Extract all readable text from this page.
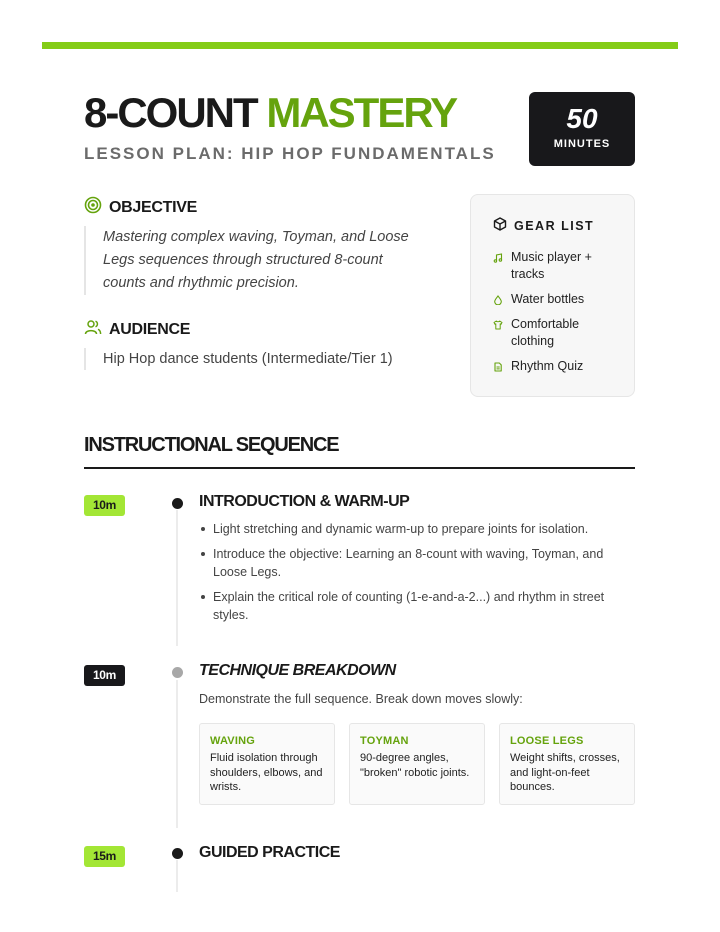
8-COUNT MASTERY
LESSON PLAN: HIP HOP FUNDAMENTALS
50
MINUTES
OBJECTIVE

Mastering complex waving, Toyman, and Loose Legs sequences through structured 8-count counts and rhythmic precision.

AUDIENCE

Hip Hop dance students (Intermediate/Tier 1)

GEAR LIST
Music player + tracks
Water bottles
Comfortable clothing
Rhythm Quiz
INSTRUCTIONAL SEQUENCE
10m	INTRODUCTION & WARM-UP
Light stretching and dynamic warm-up to prepare joints for isolation.
Introduce the objective: Learning an 8-count with waving, Toyman, and Loose Legs.
Explain the critical role of counting (1-e-and-a-2...) and rhythm in street styles.
10m	TECHNIQUE BREAKDOWN
Demonstrate the full sequence. Break down moves slowly:
WAVING
Fluid isolation through shoulders, elbows, and wrists.
TOYMAN
90-degree angles, "broken" robotic joints.
LOOSE LEGS
Weight shifts, crosses, and light-on-feet bounces.
15m	GUIDED PRACTICE
